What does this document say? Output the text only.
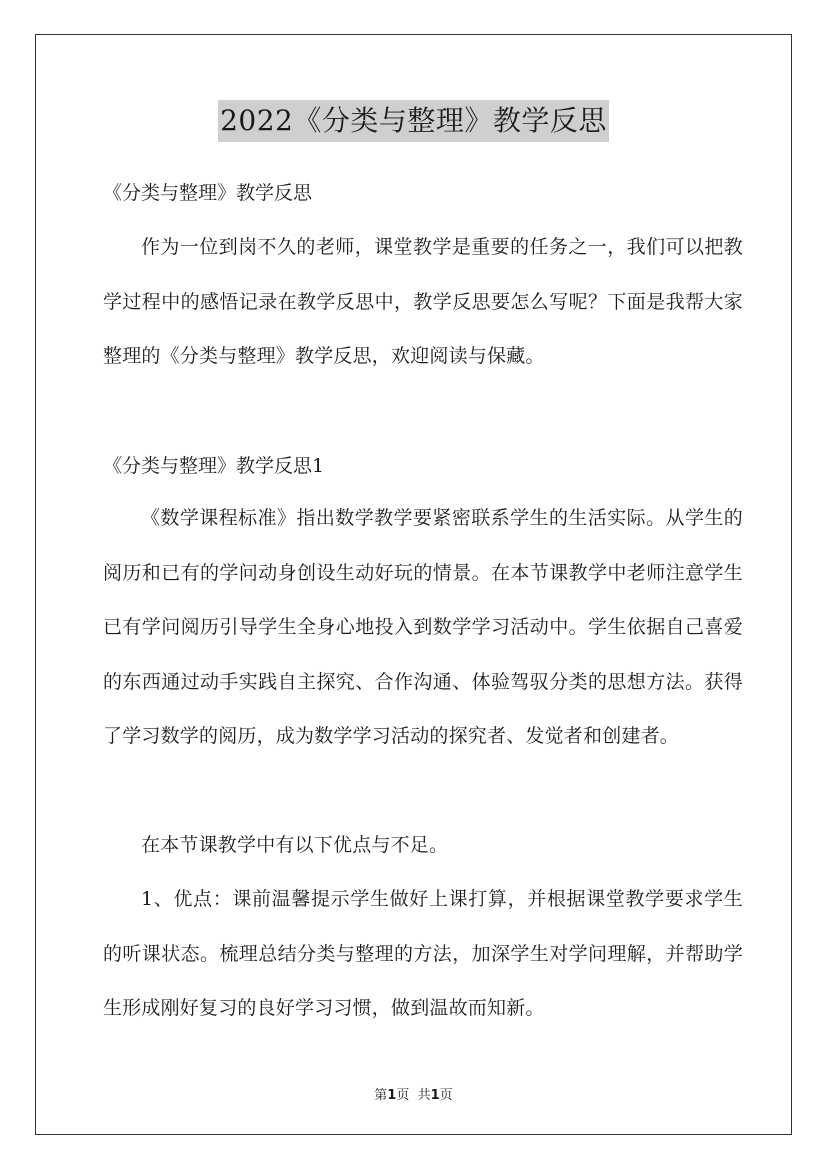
2022《分类与整理》教学反思
《分类与整理》教学反思
作为一位到岗不久的老师，课堂教学是重要的任务之一，我们可以把教学过程中的感悟记录在教学反思中，教学反思要怎么写呢？下面是我帮大家整理的《分类与整理》教学反思，欢迎阅读与保藏。
《分类与整理》教学反思1
《数学课程标准》指出数学教学要紧密联系学生的生活实际。从学生的阅历和已有的学问动身创设生动好玩的情景。在本节课教学中老师注意学生已有学问阅历引导学生全身心地投入到数学学习活动中。学生依据自己喜爱的东西通过动手实践自主探究、合作沟通、体验驾驭分类的思想方法。获得了学习数学的阅历，成为数学学习活动的探究者、发觉者和创建者。
在本节课教学中有以下优点与不足。
1、优点：课前温馨提示学生做好上课打算，并根据课堂教学要求学生的听课状态。梳理总结分类与整理的方法，加深学生对学问理解，并帮助学生形成刚好复习的良好学习习惯，做到温故而知新。
第1页 共1页
